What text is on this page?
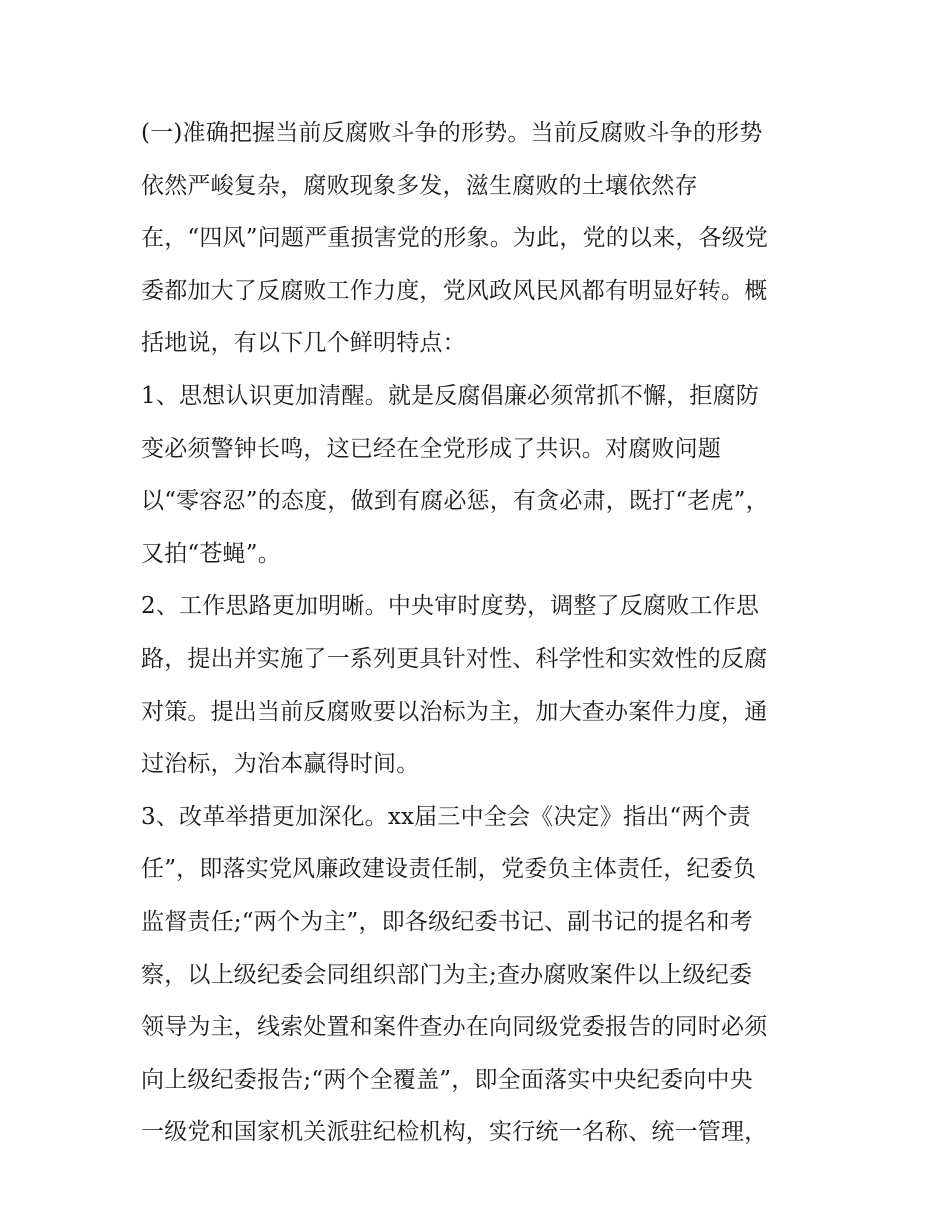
(一)准确把握当前反腐败斗争的形势。当前反腐败斗争的形势
依然严峻复杂，腐败现象多发，滋生腐败的土壤依然存
在，“四风”问题严重损害党的形象。为此，党的以来，各级党
委都加大了反腐败工作力度，党风政风民风都有明显好转。概
括地说，有以下几个鲜明特点：
1、思想认识更加清醒。就是反腐倡廉必须常抓不懈，拒腐防
变必须警钟长鸣，这已经在全党形成了共识。对腐败问题
以“零容忍”的态度，做到有腐必惩，有贪必肃，既打“老虎”，
又拍“苍蝇”。
2、工作思路更加明晰。中央审时度势，调整了反腐败工作思
路，提出并实施了一系列更具针对性、科学性和实效性的反腐
对策。提出当前反腐败要以治标为主，加大查办案件力度，通
过治标，为治本赢得时间。
3、改革举措更加深化。xx届三中全会《决定》指出“两个责
任”，即落实党风廉政建设责任制，党委负主体责任，纪委负
监督责任;“两个为主”，即各级纪委书记、副书记的提名和考
察，以上级纪委会同组织部门为主;查办腐败案件以上级纪委
领导为主，线索处置和案件查办在向同级党委报告的同时必须
向上级纪委报告;“两个全覆盖”，即全面落实中央纪委向中央
一级党和国家机关派驻纪检机构，实行统一名称、统一管理，
